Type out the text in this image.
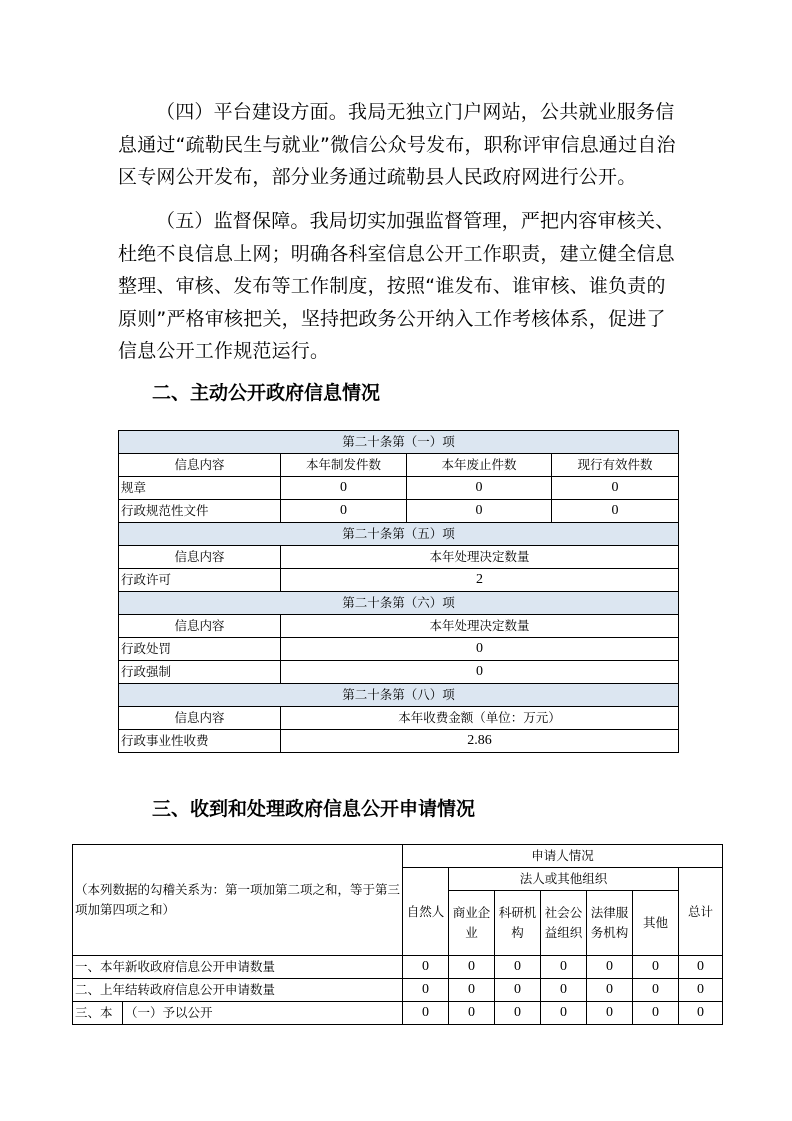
（四）平台建设方面。我局无独立门户网站，公共就业服务信息通过“疏勒民生与就业”微信公众号发布，职称评审信息通过自治区专网公开发布，部分业务通过疏勒县人民政府网进行公开。

（五）监督保障。我局切实加强监督管理，严把内容审核关、杜绝不良信息上网；明确各科室信息公开工作职责，建立健全信息整理、审核、发布等工作制度，按照“谁发布、谁审核、谁负责的原则”严格审核把关，坚持把政务公开纳入工作考核体系，促进了信息公开工作规范运行。

二、主动公开政府信息情况
第二十条第（一）项			
信息内容	本年制发件数	本年废止件数	现行有效件数
规章	0	0	0
行政规范性文件	0	0	0
第二十条第（五）项			
信息内容	本年处理决定数量		
行政许可	2		
第二十条第（六）项			
信息内容	本年处理决定数量		
行政处罚	0		
行政强制	0		
第二十条第（八）项			
信息内容	本年收费金额（单位：万元）		
行政事业性收费	2.86		
三、收到和处理政府信息公开申请情况
（本列数据的勾稽关系为：第一项加第二项之和，等于第三项加第四项之和）		申请人情况						
		自然人	法人或其他组织					总计
			商业企业	科研机构	社会公益组织	法律服务机构	其他	
一、本年新收政府信息公开申请数量		0	0	0	0	0	0	0
二、上年结转政府信息公开申请数量		0	0	0	0	0	0	0
三、本	（一）予以公开	0	0	0	0	0	0	0
